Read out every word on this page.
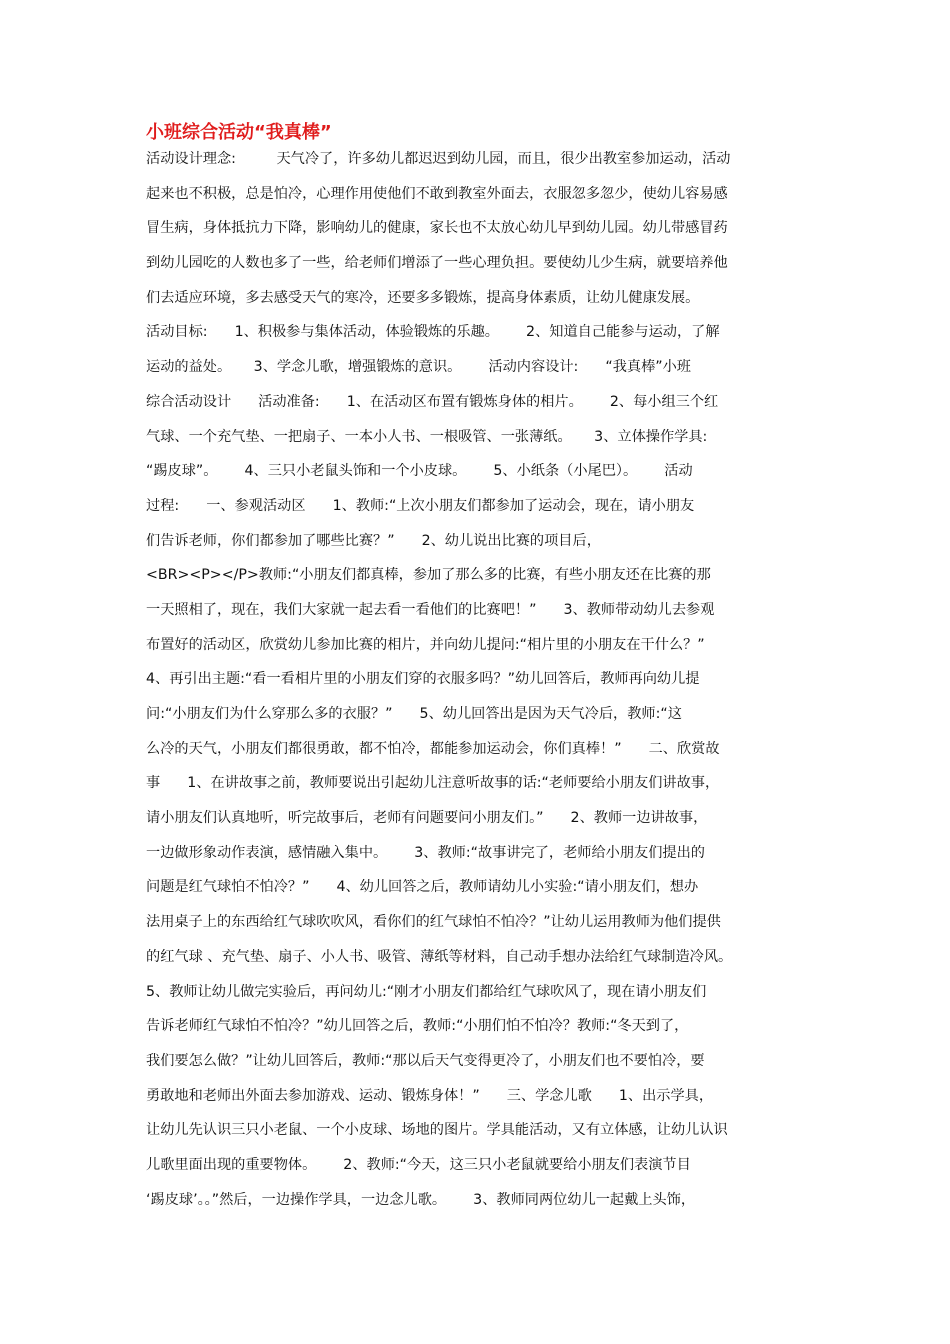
小班综合活动“我真棒”
活动设计理念:         天气冷了，许多幼儿都迟迟到幼儿园，而且，很少出教室参加运动，活动
起来也不积极，总是怕冷，心理作用使他们不敢到教室外面去，衣服忽多忽少，使幼儿容易感
冒生病，身体抵抗力下降，影响幼儿的健康，家长也不太放心幼儿早到幼儿园。幼儿带感冒药
到幼儿园吃的人数也多了一些，给老师们增添了一些心理负担。要使幼儿少生病，就要培养他
们去适应环境，多去感受天气的寒冷，还要多多锻炼，提高身体素质，让幼儿健康发展。
活动目标:      1、积极参与集体活动，体验锻炼的乐趣。      2、知道自己能参与运动，了解
运动的益处。     3、学念儿歌，增强锻炼的意识。      活动内容设计:      “我真棒”小班
综合活动设计      活动准备:      1、在活动区布置有锻炼身体的相片。      2、每小组三个红
气球、一个充气垫、一把扇子、一本小人书、一根吸管、一张薄纸。     3、立体操作学具:
“踢皮球”。      4、三只小老鼠头饰和一个小皮球。      5、小纸条（小尾巴）。      活动
过程:      一、参观活动区      1、教师:“上次小朋友们都参加了运动会，现在，请小朋友
们告诉老师，你们都参加了哪些比赛？”      2、幼儿说出比赛的项目后，
<BR><P></P>教师:“小朋友们都真棒，参加了那么多的比赛，有些小朋友还在比赛的那
一天照相了，现在，我们大家就一起去看一看他们的比赛吧！”      3、教师带动幼儿去参观
布置好的活动区，欣赏幼儿参加比赛的相片，并向幼儿提问:“相片里的小朋友在干什么？”
4、再引出主题:“看一看相片里的小朋友们穿的衣服多吗？”幼儿回答后，教师再向幼儿提
问:“小朋友们为什么穿那么多的衣服？”      5、幼儿回答出是因为天气冷后，教师:“这
么冷的天气，小朋友们都很勇敢，都不怕冷，都能参加运动会，你们真棒！”      二、欣赏故
事      1、在讲故事之前，教师要说出引起幼儿注意听故事的话:“老师要给小朋友们讲故事，
请小朋友们认真地听，听完故事后，老师有问题要问小朋友们。”      2、教师一边讲故事，
一边做形象动作表演，感情融入集中。      3、教师:“故事讲完了，老师给小朋友们提出的
问题是红气球怕不怕冷？”      4、幼儿回答之后，教师请幼儿小实验:“请小朋友们，想办
法用桌子上的东西给红气球吹吹风，看你们的红气球怕不怕冷？”让幼儿运用教师为他们提供
的红气球 、充气垫、扇子、小人书、吸管、薄纸等材料，自己动手想办法给红气球制造冷风。
5、教师让幼儿做完实验后，再问幼儿:“刚才小朋友们都给红气球吹风了，现在请小朋友们
告诉老师红气球怕不怕冷？”幼儿回答之后，教师:“小朋们怕不怕冷？教师:“冬天到了，
我们要怎么做？”让幼儿回答后，教师:“那以后天气变得更冷了，小朋友们也不要怕冷，要
勇敢地和老师出外面去参加游戏、运动、锻炼身体！”      三、学念儿歌      1、出示学具，
让幼儿先认识三只小老鼠、一个小皮球、场地的图片。学具能活动，又有立体感，让幼儿认识
儿歌里面出现的重要物体。      2、教师:“今天，这三只小老鼠就要给小朋友们表演节目
‘踢皮球’。。”然后，一边操作学具，一边念儿歌。      3、教师同两位幼儿一起戴上头饰，
